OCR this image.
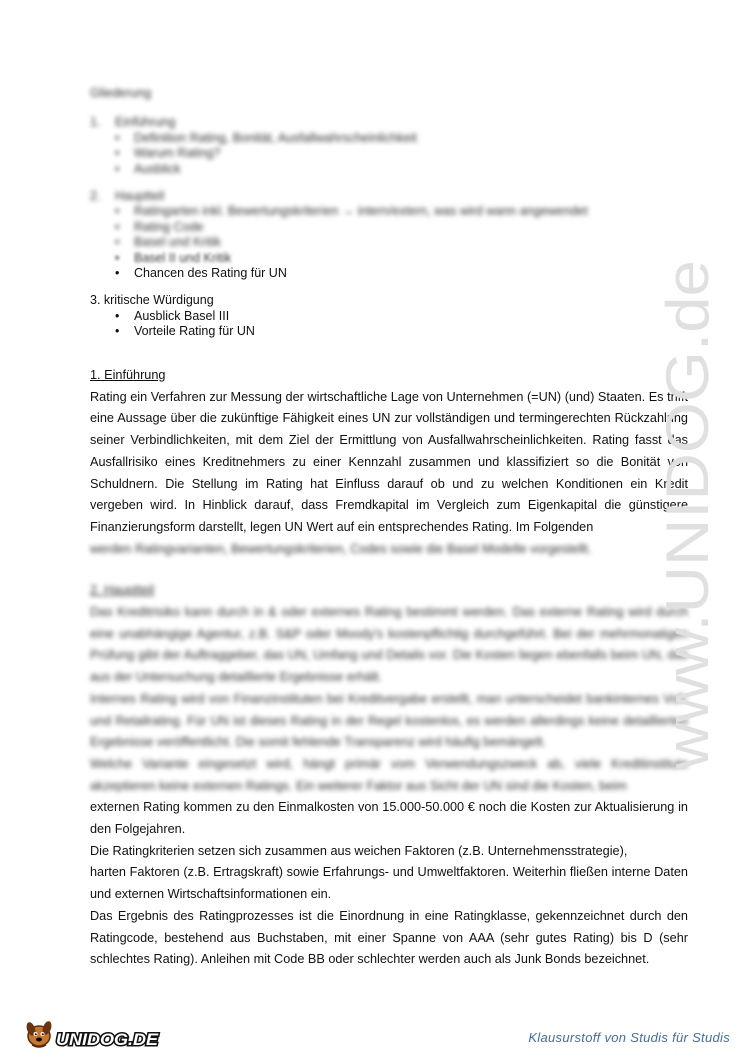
Gliederung
1. Einführung
• Definition Rating, Bonität, Ausfallwahrscheinlichkeit
• Warum Rating?
• Ausblick
2. Hauptteil
• Ratingarten inkl. Bewertungskriterien → intern/extern, was wird wann angewendet
• Rating Code
• Basel und Kritik
• Basel II und Kritik
• Chancen des Rating für UN
3. kritische Würdigung
• Ausblick Basel III
• Vorteile Rating für UN

1. Einführung

Rating ein Verfahren zur Messung der wirtschaftliche Lage von Unternehmen (=UN) (und) Staaten. Es trifft eine Aussage über die zukünftige Fähigkeit eines UN zur vollständigen und termingerechten Rückzahlung seiner Verbindlichkeiten, mit dem Ziel der Ermittlung von Ausfallwahrscheinlichkeiten. Rating fasst das Ausfallrisiko eines Kreditnehmers zu einer Kennzahl zusammen und klassifiziert so die Bonität von Schuldnern. Die Stellung im Rating hat Einfluss darauf ob und zu welchen Konditionen ein Kredit vergeben wird. In Hinblick darauf, dass Fremdkapital im Vergleich zum Eigenkapital die günstigere Finanzierungsform darstellt, legen UN Wert auf ein entsprechendes Rating. Im Folgenden

werden Ratingvarianten, Bewertungskriterien, Codes sowie die Basel Modelle vorgestellt.

2. Hauptteil

Das Kreditrisiko kann durch in & oder externes Rating bestimmt werden. Das externe Rating wird durch eine unabhängige Agentur, z.B. S&P oder Moody's kostenpflichtig durchgeführt. Bei der mehrmonatigen Prüfung gibt der Auftraggeber, das UN, Umfang und Details vor. Die Kosten liegen ebenfalls beim UN, das aus der Untersuchung detaillierte Ergebnisse erhält.

Internes Rating wird von Finanzinstituten bei Kreditvergabe erstellt, man unterscheidet bankinternes Voll- und Retailrating. Für UN ist dieses Rating in der Regel kostenlos, es werden allerdings keine detaillierten Ergebnisse veröffentlicht. Die somit fehlende Transparenz wird häufig bemängelt.

Welche Variante eingesetzt wird, hängt primär vom Verwendungszweck ab, viele Kreditinstitute akzeptieren keine externen Ratings. Ein weiterer Faktor aus Sicht der UN sind die Kosten, beim

externen Rating kommen zu den Einmalkosten von 15.000-50.000 € noch die Kosten zur Aktualisierung in den Folgejahren.

Die Ratingkriterien setzen sich zusammen aus weichen Faktoren (z.B. Unternehmensstrategie),

harten Faktoren (z.B. Ertragskraft) sowie Erfahrungs- und Umweltfaktoren. Weiterhin fließen interne Daten und externen Wirtschaftsinformationen ein.

Das Ergebnis des Ratingprozesses ist die Einordnung in eine Ratingklasse, gekennzeichnet durch den Ratingcode, bestehend aus Buchstaben, mit einer Spanne von AAA (sehr gutes Rating) bis D (sehr schlechtes Rating). Anleihen mit Code BB oder schlechter werden auch als Junk Bonds bezeichnet.

www.UNIDOG.de
UNIDOG.DE	Klausurstoff von Studis für Studis
